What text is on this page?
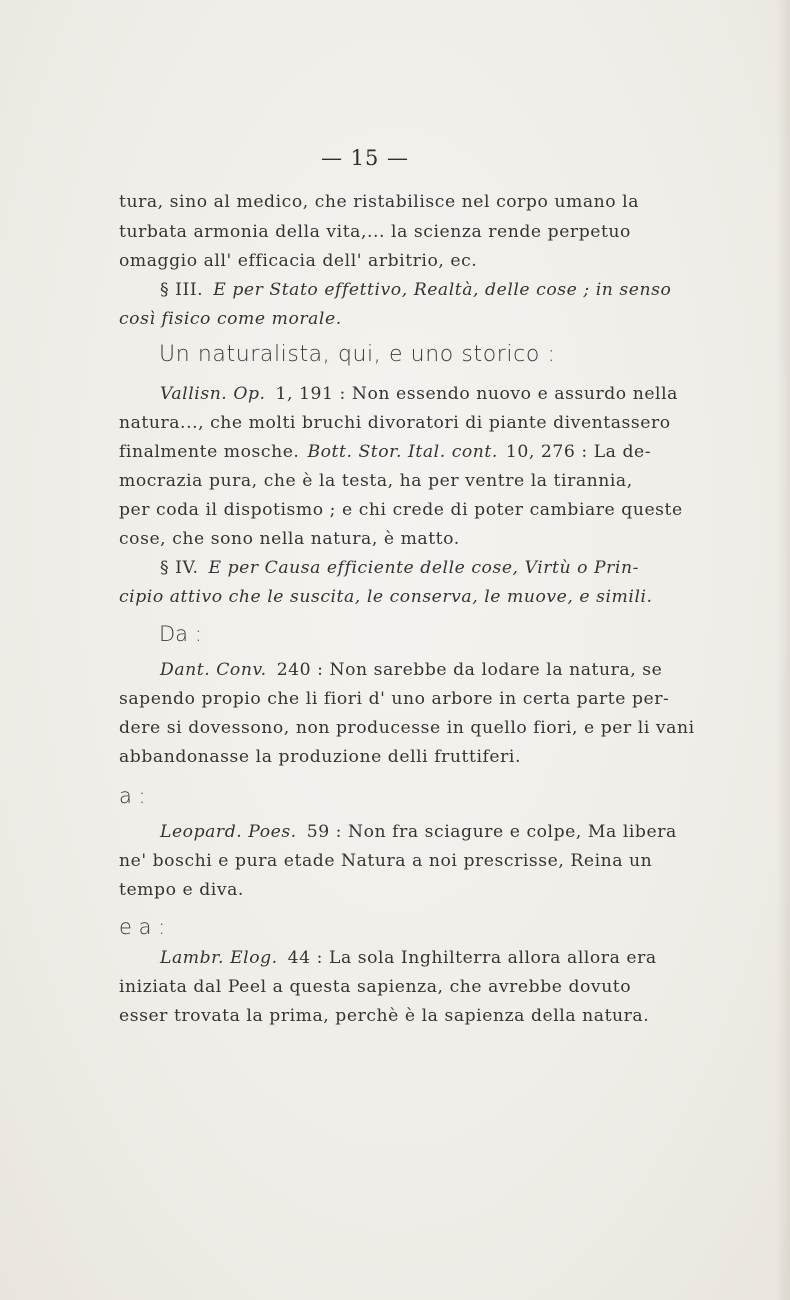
— 15 —
tura, sino al medico, che ristabilisce nel corpo umano la
turbata armonia della vita,... la scienza rende perpetuo
omaggio all' efficacia dell' arbitrio, ec.
§ III. E per Stato effettivo, Realtà, delle cose ; in senso
così fisico come morale.
Un naturalista, qui, e uno storico :
Vallisn. Op. 1, 191 : Non essendo nuovo e assurdo nella
natura..., che molti bruchi divoratori di piante diventassero
finalmente mosche. Bott. Stor. Ital. cont. 10, 276 : La de-
mocrazia pura, che è la testa, ha per ventre la tirannia,
per coda il dispotismo ; e chi crede di poter cambiare queste
cose, che sono nella natura, è matto.
§ IV. E per Causa efficiente delle cose, Virtù o Prin-
cipio attivo che le suscita, le conserva, le muove, e simili.
Da :
Dant. Conv. 240 : Non sarebbe da lodare la natura, se
sapendo propio che li fiori d' uno arbore in certa parte per-
dere si dovessono, non producesse in quello fiori, e per li vani
abbandonasse la produzione delli fruttiferi.
a :
Leopard. Poes. 59 : Non fra sciagure e colpe, Ma libera
ne' boschi e pura etade Natura a noi prescrisse, Reina un
tempo e diva.
e a :
Lambr. Elog. 44 : La sola Inghilterra allora allora era
iniziata dal Peel a questa sapienza, che avrebbe dovuto
esser trovata la prima, perchè è la sapienza della natura.
